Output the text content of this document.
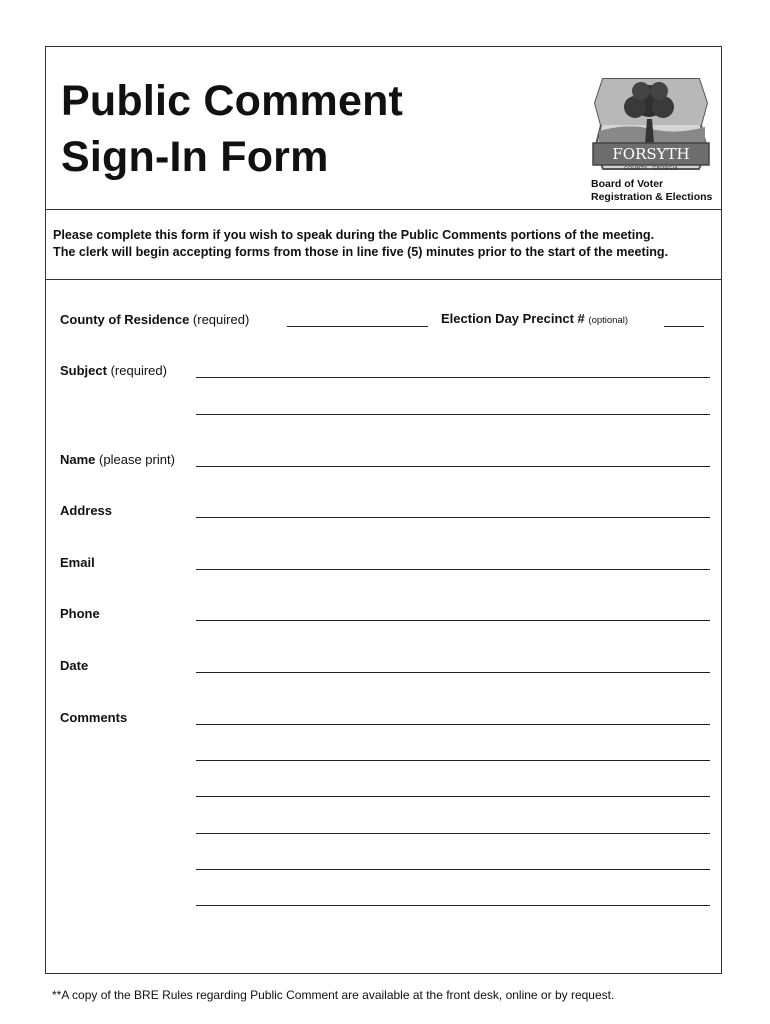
Public Comment
Sign-In Form	FORSYTH
COUNTY · GEORGIA
Board of Voter
Registration & Elections

Please complete this form if you wish to speak during the Public Comments portions of the meeting.

The clerk will begin accepting forms from those in line five (5) minutes prior to the start of the meeting.

County of Residence (required)	Election Day Precinct # (optional)
Subject (required)
Name (please print)
Address
Email
Phone
Date
Comments
**A copy of the BRE Rules regarding Public Comment are available at the front desk, online or by request.
